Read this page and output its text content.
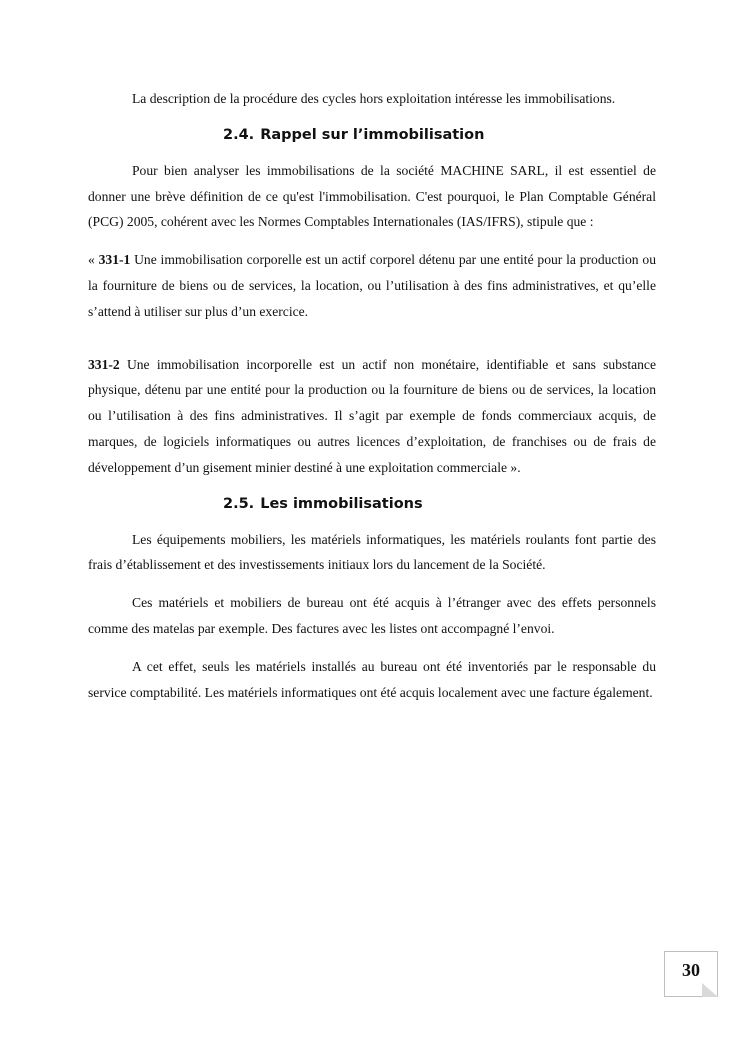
La description de la procédure des cycles hors exploitation intéresse les immobilisations.

2.4. Rappel sur l’immobilisation

Pour bien analyser les immobilisations de la société MACHINE SARL, il est essentiel de donner une brève définition de ce qu'est l'immobilisation. C'est pourquoi, le Plan Comptable Général (PCG) 2005, cohérent avec les Normes Comptables Internationales (IAS/IFRS), stipule que :

« 331-1 Une immobilisation corporelle est un actif corporel détenu par une entité pour la production ou la fourniture de biens ou de services, la location, ou l’utilisation à des fins administratives, et qu’elle s’attend à utiliser sur plus d’un exercice.

331-2 Une immobilisation incorporelle est un actif non monétaire, identifiable et sans substance physique, détenu par une entité pour la production ou la fourniture de biens ou de services, la location ou l’utilisation à des fins administratives. Il s’agit par exemple de fonds commerciaux acquis, de marques, de logiciels informatiques ou autres licences d’exploitation, de franchises ou de frais de développement d’un gisement minier destiné à une exploitation commerciale ».

2.5. Les immobilisations

Les équipements mobiliers, les matériels informatiques, les matériels roulants font partie des frais d’établissement et des investissements initiaux lors du lancement de la Société.

Ces matériels et mobiliers de bureau ont été acquis à l’étranger avec des effets personnels comme des matelas par exemple. Des factures avec les listes ont accompagné l’envoi.

A cet effet, seuls les matériels installés au bureau ont été inventoriés par le responsable du service comptabilité. Les matériels informatiques ont été acquis localement avec une facture également.

30
